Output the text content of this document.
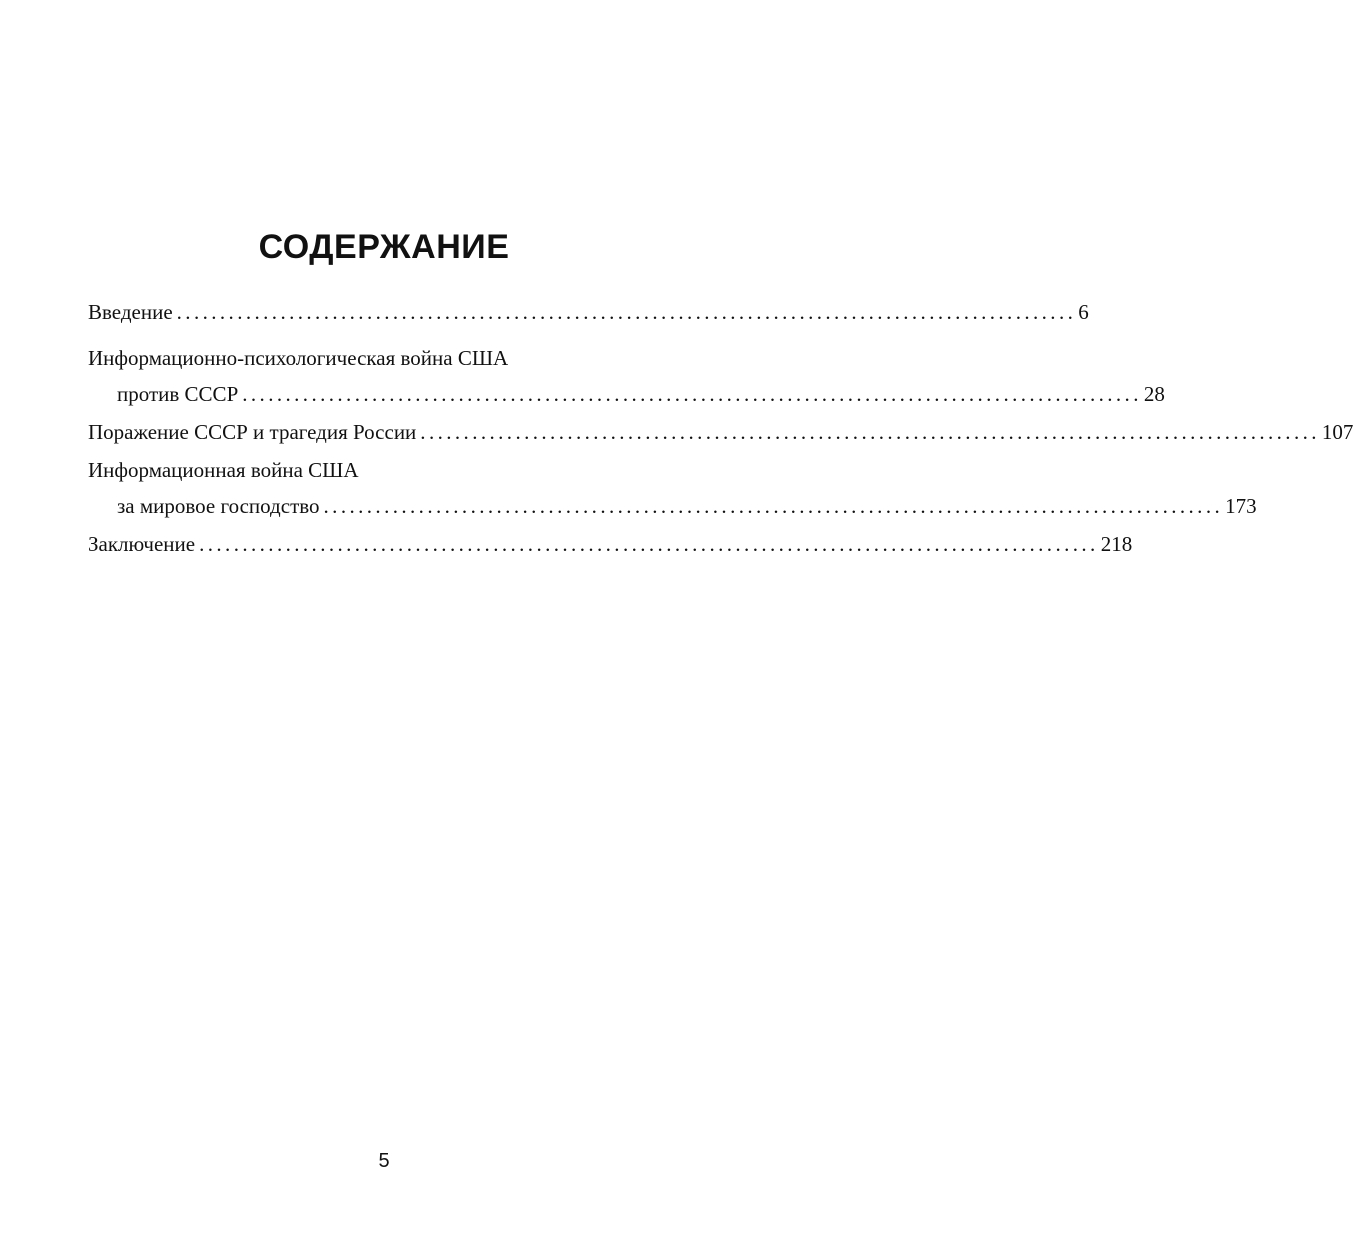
СОДЕРЖАНИЕ
Введение ........................................................................................................ 6
Информационно-психологическая война США
против СССР ........................................................................................................ 28
Поражение СССР и трагедия России ........................................................................................................ 107
Информационная война США
за мировое господство ........................................................................................................ 173
Заключение ........................................................................................................ 218
5
